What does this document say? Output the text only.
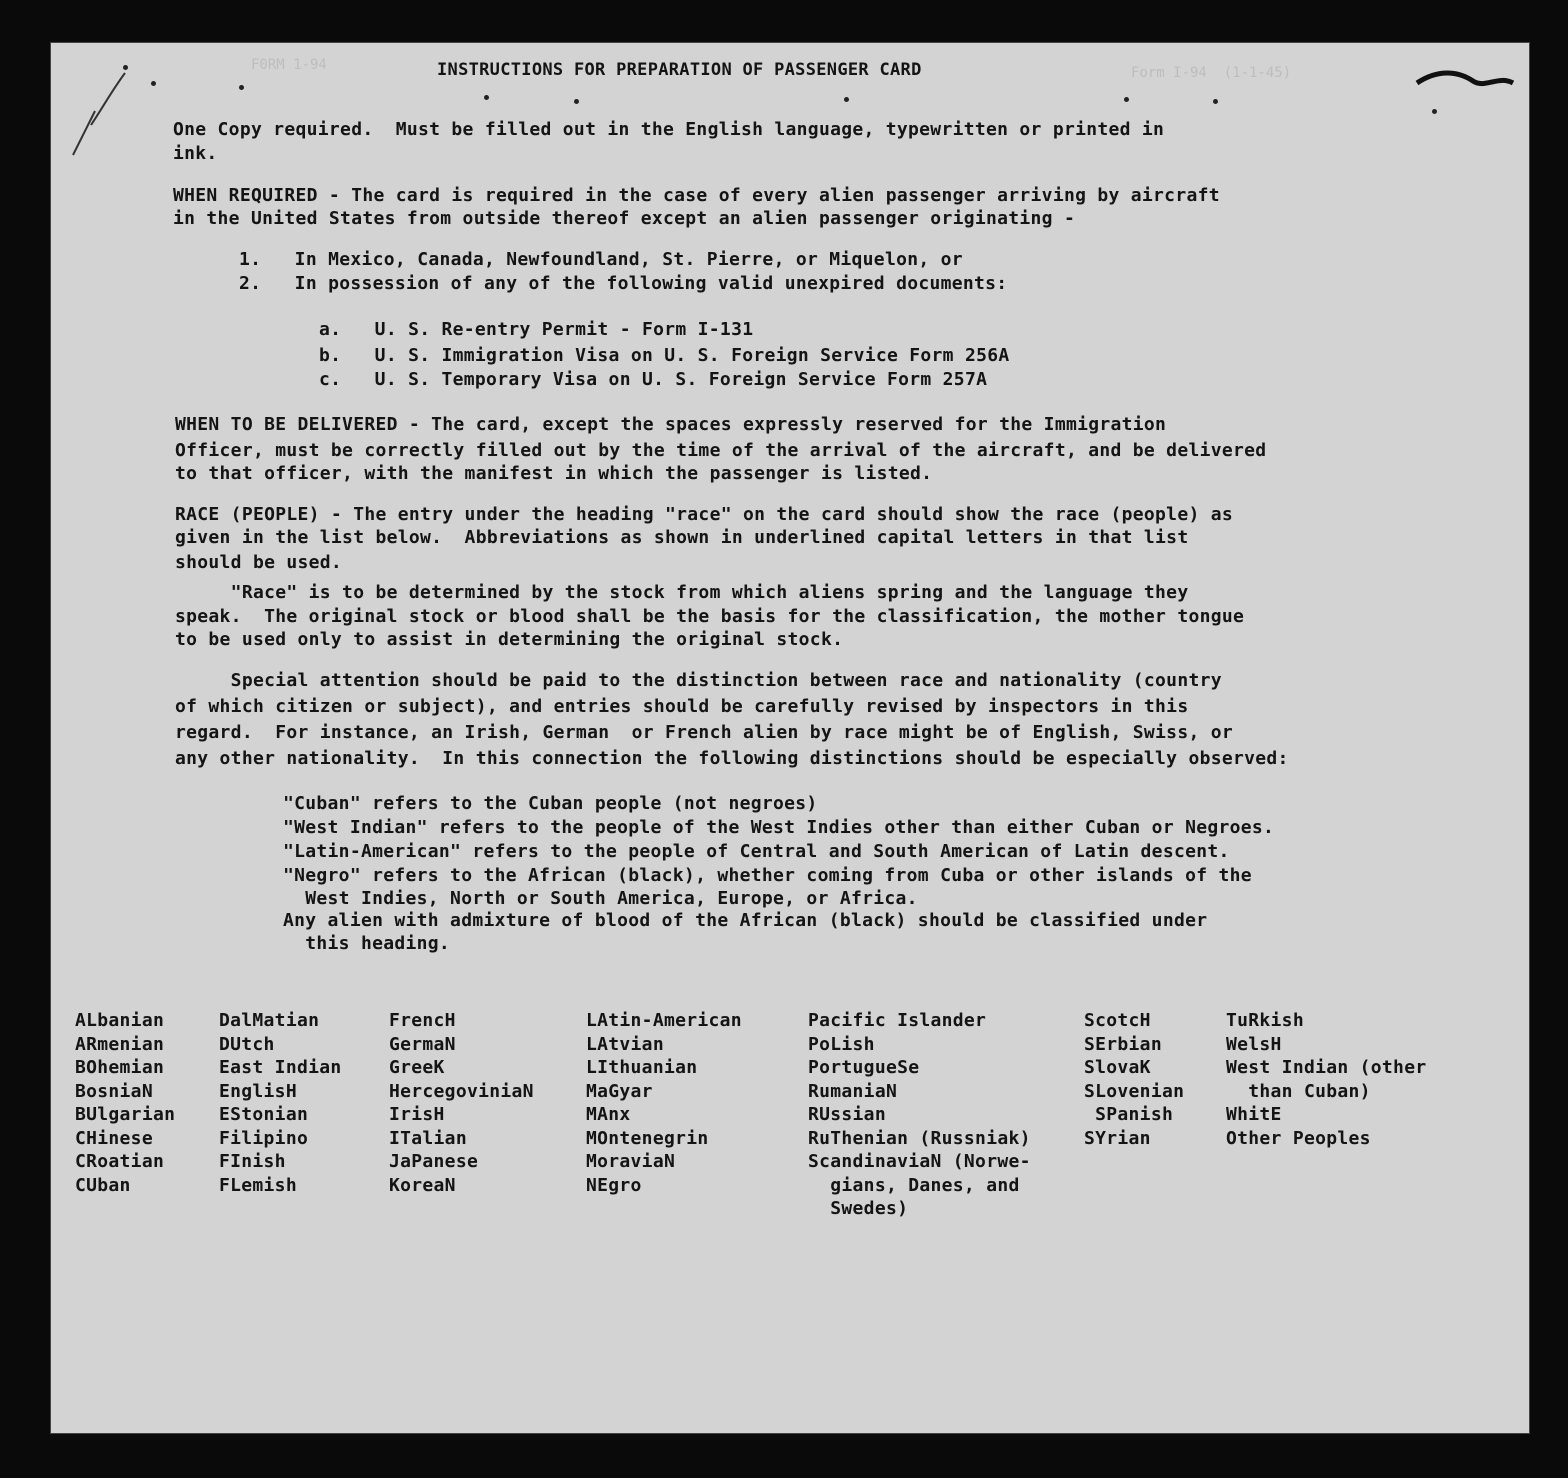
F0RM 1-94	Form I-94  (1-1-45)
INSTRUCTIONS FOR PREPARATION OF PASSENGER CARD
One Copy required.  Must be filled out in the English language, typewritten or printed in
ink.
WHEN REQUIRED - The card is required in the case of every alien passenger arriving by aircraft
in the United States from outside thereof except an alien passenger originating -
1.   In Mexico, Canada, Newfoundland, St. Pierre, or Miquelon, or
2.   In possession of any of the following valid unexpired documents:
a.   U. S. Re-entry Permit - Form I-131
b.   U. S. Immigration Visa on U. S. Foreign Service Form 256A
c.   U. S. Temporary Visa on U. S. Foreign Service Form 257A
WHEN TO BE DELIVERED - The card, except the spaces expressly reserved for the Immigration
Officer, must be correctly filled out by the time of the arrival of the aircraft, and be delivered
to that officer, with the manifest in which the passenger is listed.
RACE (PEOPLE) - The entry under the heading "race" on the card should show the race (people) as
given in the list below.  Abbreviations as shown in underlined capital letters in that list
should be used.
"Race" is to be determined by the stock from which aliens spring and the language they
speak.  The original stock or blood shall be the basis for the classification, the mother tongue
to be used only to assist in determining the original stock.
Special attention should be paid to the distinction between race and nationality (country
of which citizen or subject), and entries should be carefully revised by inspectors in this
regard.  For instance, an Irish, German  or French alien by race might be of English, Swiss, or
any other nationality.  In this connection the following distinctions should be especially observed:
"Cuban" refers to the Cuban people (not negroes)
"West Indian" refers to the people of the West Indies other than either Cuban or Negroes.
"Latin-American" refers to the people of Central and South American of Latin descent.
"Negro" refers to the African (black), whether coming from Cuba or other islands of the
West Indies, North or South America, Europe, or Africa.
Any alien with admixture of blood of the African (black) should be classified under
this heading.
ALbanian
ARmenian
BOhemian
BosniaN
BUlgarian
CHinese
CRoatian
CUban
DalMatian
DUtch
East Indian
EnglisH
EStonian
Filipino
FInish
FLemish
FrencH
GermaN
GreeK
HercegoviniaN
IrisH
ITalian
JaPanese
KoreaN
LAtin-American
LAtvian
LIthuanian
MaGyar
MAnx
MOntenegrin
MoraviaN
NEgro
Pacific Islander
PoLish
PortugueSe
RumaniaN
RUssian
RuThenian (Russniak)
ScandinaviaN (Norwe-
gians, Danes, and
Swedes)
ScotcH
SErbian
SlovaK
SLovenian
SPanish
SYrian
TuRkish
WelsH
West Indian (other
than Cuban)
WhitE
Other Peoples
